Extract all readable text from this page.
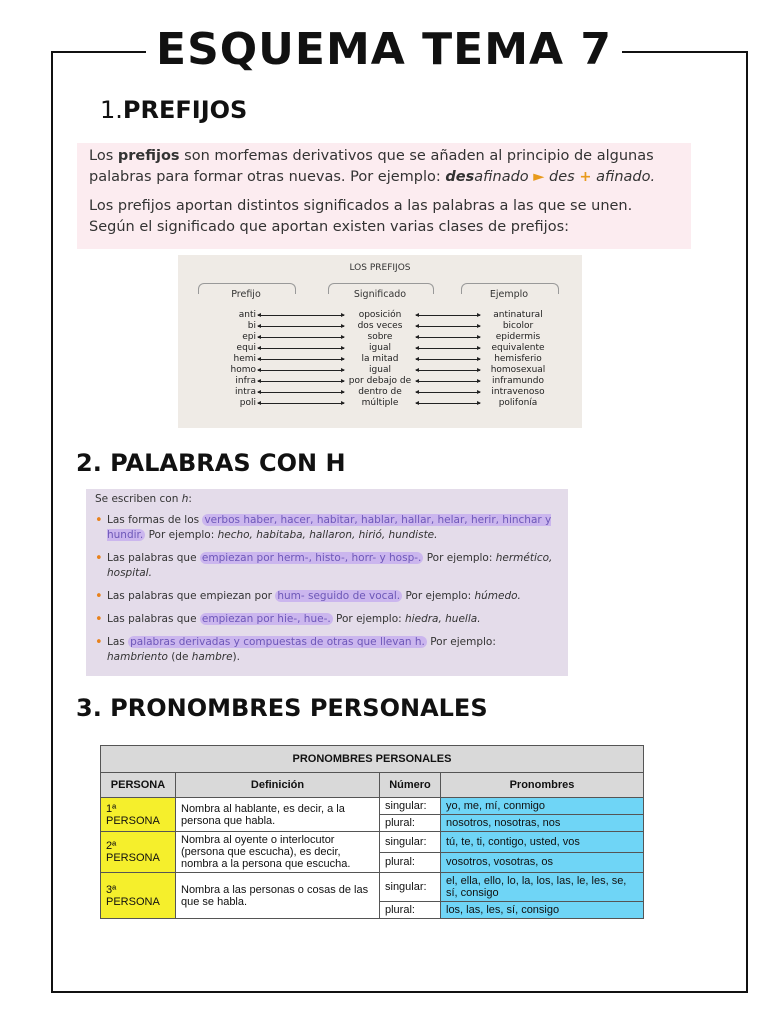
ESQUEMA TEMA 7
1.PREFIJOS

Los prefijos son morfemas derivativos que se añaden al principio de algunas palabras para formar otras nuevas. Por ejemplo: desafinado ► des + afinado.

Los prefijos aportan distintos significados a las palabras a las que se unen. Según el significado que aportan existen varias clases de prefijos:

LOS PREFIJOS
Prefijo	Significado	Ejemplo
anti	oposición	antinatural
bi	dos veces	bicolor
epi	sobre	epidermis
equi	igual	equivalente
hemi	la mitad	hemisferio
homo	igual	homosexual
infra	por debajo de	inframundo
intra	dentro de	intravenoso
poli	múltiple	polifonía
2. PALABRAS CON H

Se escriben con h:

• Las formas de los verbos haber, hacer, habitar, hablar, hallar, helar, herir, hinchar y hundir. Por ejemplo: hecho, habitaba, hallaron, hirió, hundiste.
• Las palabras que empiezan por herm-, histo-, horr- y hosp-. Por ejemplo: hermético, hospital.
• Las palabras que empiezan por hum- seguido de vocal. Por ejemplo: húmedo.
• Las palabras que empiezan por hie-, hue-. Por ejemplo: hiedra, huella.
• Las palabras derivadas y compuestas de otras que llevan h. Por ejemplo: hambriento (de hambre).
3. PRONOMBRES PERSONALES
PRONOMBRES PERSONALES			
PERSONA	Definición	Número	Pronombres
1ª PERSONA	Nombra al hablante, es decir, a la persona que habla.	singular:	yo, me, mí, conmigo
		plural:	nosotros, nosotras, nos
2ª PERSONA	Nombra al oyente o interlocutor (persona que escucha), es decir, nombra a la persona que escucha.	singular:	tú, te, ti, contigo, usted, vos
		plural:	vosotros, vosotras, os
3ª PERSONA	Nombra a las personas o cosas de las que se habla.	singular:	el, ella, ello, lo, la, los, las, le, les, se, sí, consigo
		plural:	los, las, les, sí, consigo
